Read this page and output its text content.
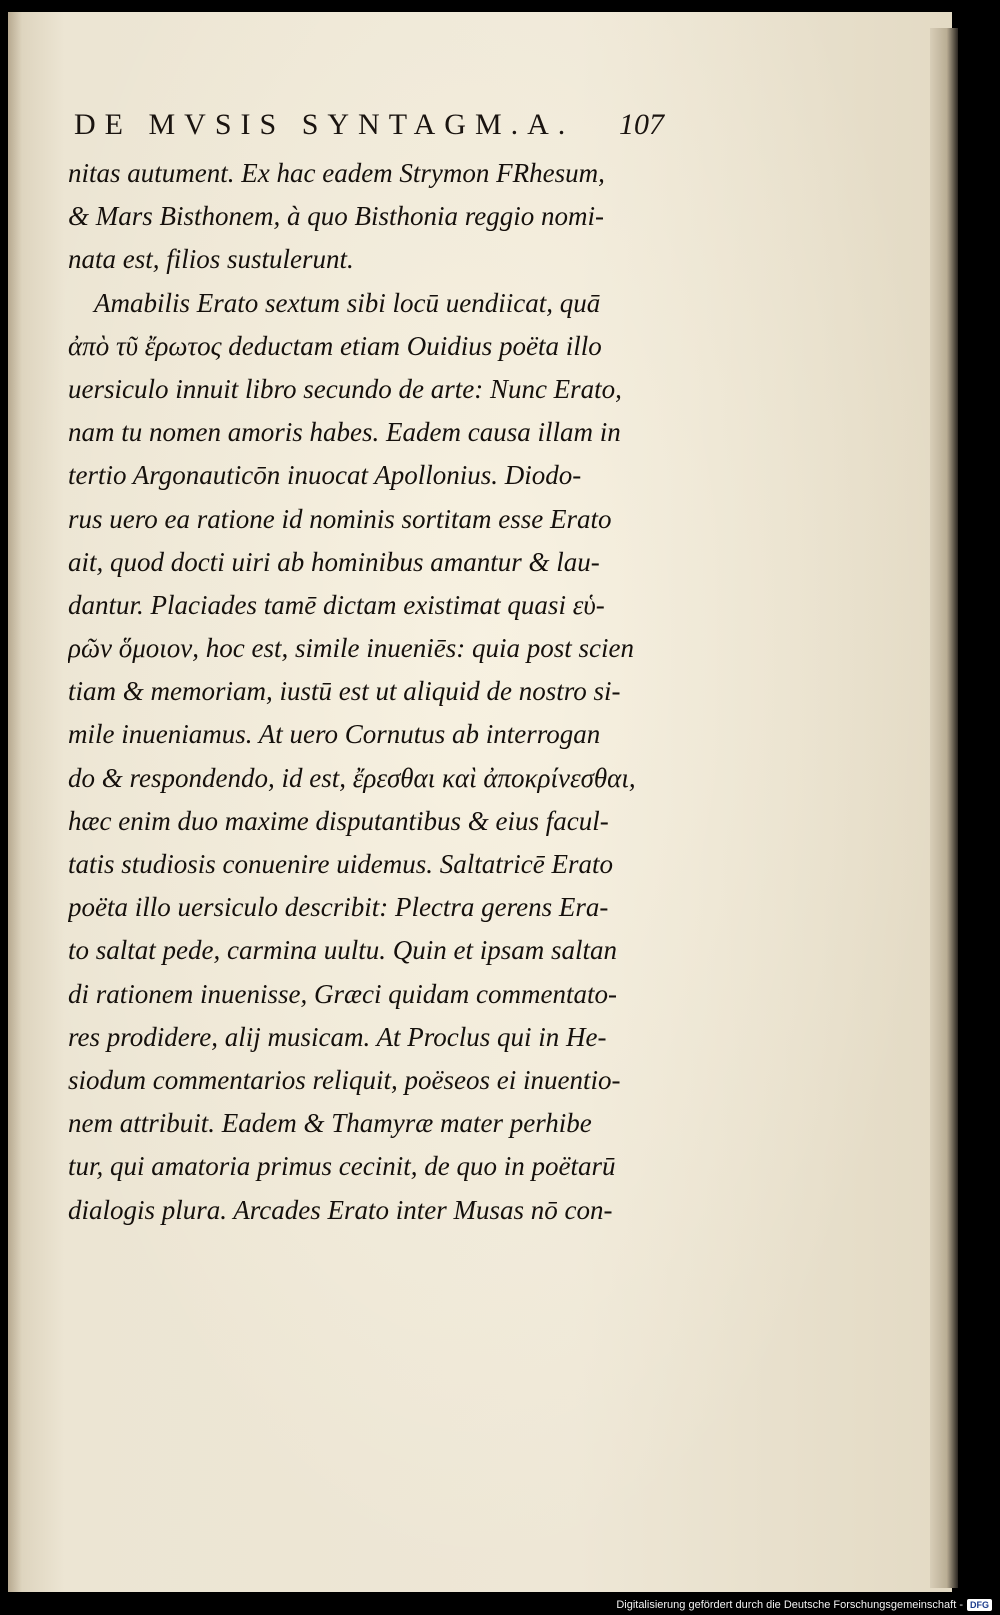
DE MVSIS SYNTAGM.A. 107
nitas autument. Ex hac eadem Strymon FRhesum,
& Mars Bisthonem, à quo Bisthonia reggio nomi-
nata est, filios sustulerunt.
Amabilis Erato sextum sibi locū uendiicat, quā
ἀπὸ τῦ ἔρωτος deductam etiam Ouidius poëta illo
uersiculo innuit libro secundo de arte: Nunc Erato,
nam tu nomen amoris habes. Eadem causa illam in
tertio Argonauticōn inuocat Apollonius. Diodo-
rus uero ea ratione id nominis sortitam esse Erato
ait, quod docti uiri ab hominibus amantur & lau-
dantur. Placiades tamē dictam existimat quasi εὑ-
ρῶν ὅμοιον, hoc est, simile inueniēs: quia post scien
tiam & memoriam, iustū est ut aliquid de nostro si-
mile inueniamus. At uero Cornutus ab interrogan
do & respondendo, id est, ἔρεσθαι καὶ ἀποκρίνεσθαι,
hæc enim duo maxime disputantibus & eius facul-
tatis studiosis conuenire uidemus. Saltatricē Erato
poëta illo uersiculo describit: Plectra gerens Era-
to saltat pede, carmina uultu. Quin et ipsam saltan
di rationem inuenisse, Græci quidam commentato-
res prodidere, alij musicam. At Proclus qui in He-
siodum commentarios reliquit, poëseos ei inuentio-
nem attribuit. Eadem & Thamyræ mater perhibe
tur, qui amatoria primus cecinit, de quo in poëtarū
dialogis plura. Arcades Erato inter Musas nō con-
Digitalisierung gefördert durch die Deutsche Forschungsgemeinschaft - DFG
